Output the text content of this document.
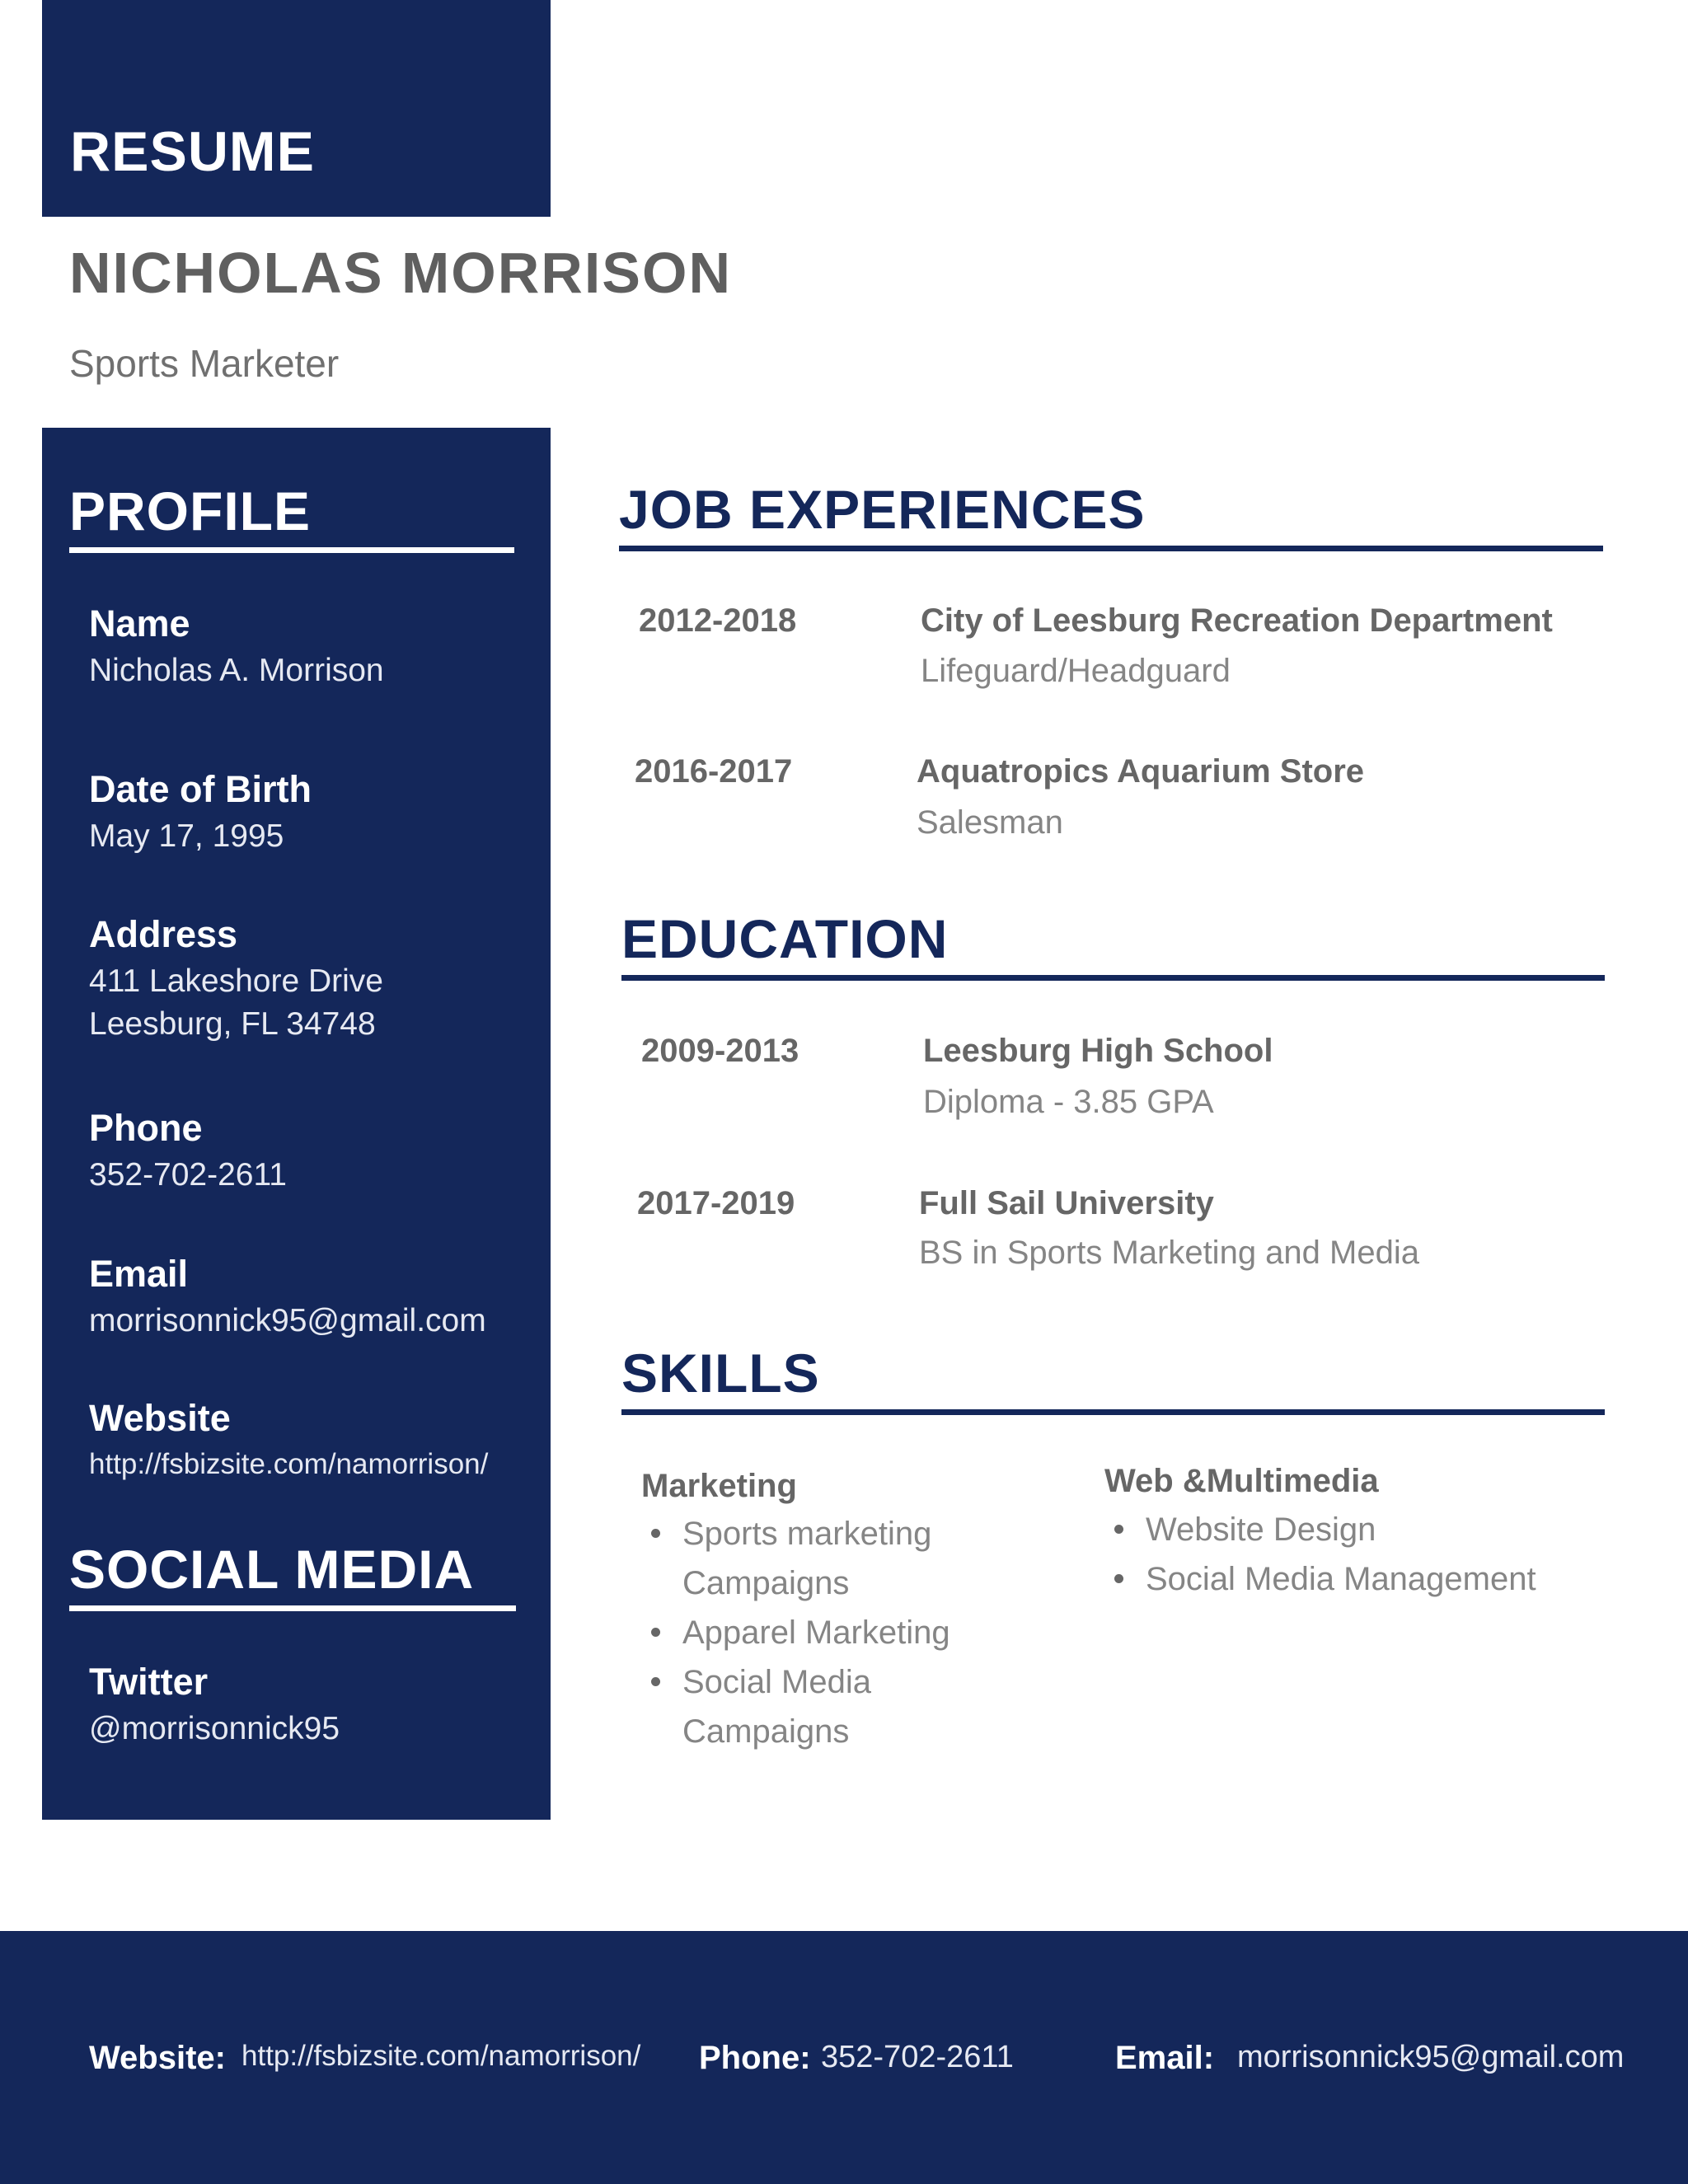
RESUME
NICHOLAS MORRISON
Sports Marketer
PROFILE
Name
Nicholas A. Morrison
Date of Birth
May 17, 1995
Address
411 Lakeshore Drive
Leesburg, FL 34748
Phone
352-702-2611
Email
morrisonnick95@gmail.com
Website
http://fsbizsite.com/namorrison/
SOCIAL MEDIA
Twitter
@morrisonnick95
JOB EXPERIENCES
2012-2018	City of Leesburg Recreation Department
Lifeguard/Headguard
2016-2017	Aquatropics Aquarium Store
Salesman
EDUCATION
2009-2013	Leesburg High School
Diploma - 3.85 GPA
2017-2019	Full Sail University
BS in Sports Marketing and Media
SKILLS
Marketing
Sports marketing
Campaigns
Apparel Marketing
Social Media Campaigns
Web &Multimedia
Website Design
Social Media Management
Website: http://fsbizsite.com/namorrison/ Phone: 352-702-2611	Email: morrisonnick95@gmail.com
